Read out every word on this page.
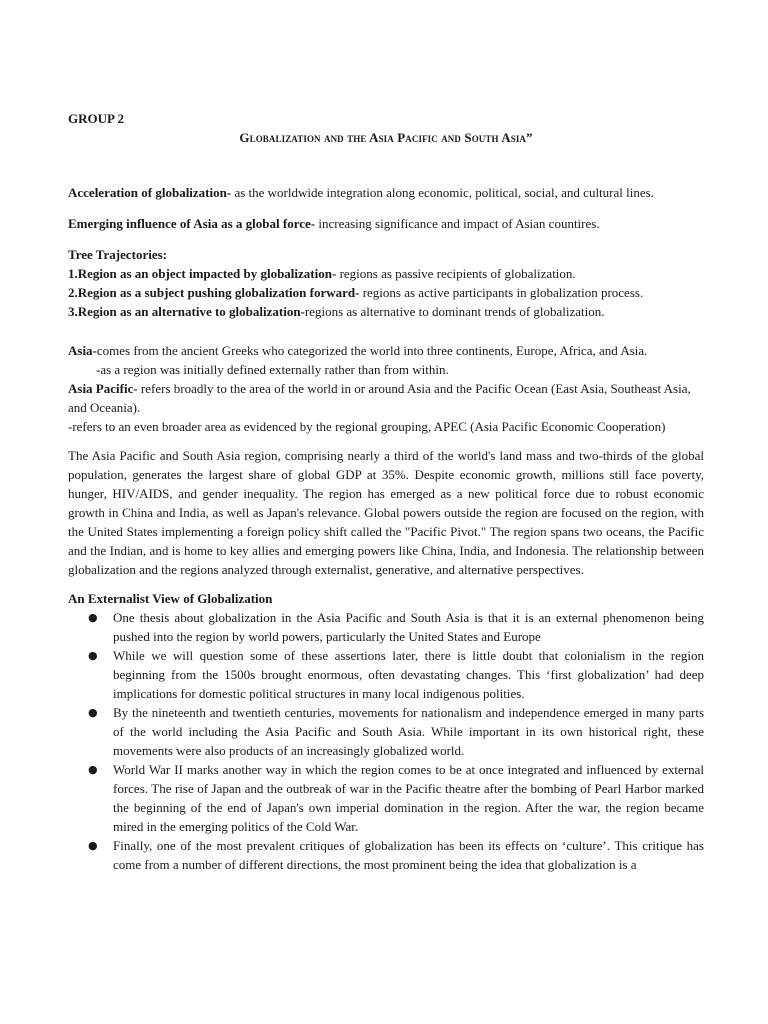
GROUP 2

Globalization and the Asia Pacific and South Asia”

Acceleration of globalization- as the worldwide integration along economic, political, social, and cultural lines.

Emerging influence of Asia as a global force- increasing significance and impact of Asian countires.

Tree Trajectories:

1.Region as an object impacted by globalization- regions as passive recipients of globalization.

2.Region as a subject pushing globalization forward- regions as active participants in globalization process.

3.Region as an alternative to globalization-regions as alternative to dominant trends of globalization.

Asia-comes from the ancient Greeks who categorized the world into three continents, Europe, Africa, and Asia.

-as a region was initially defined externally rather than from within.

Asia Pacific- refers broadly to the area of the world in or around Asia and the Pacific Ocean (East Asia, Southeast Asia, and Oceania).

-refers to an even broader area as evidenced by the regional grouping, APEC (Asia Pacific Economic Cooperation)

The Asia Pacific and South Asia region, comprising nearly a third of the world's land mass and two-thirds of the global population, generates the largest share of global GDP at 35%. Despite economic growth, millions still face poverty, hunger, HIV/AIDS, and gender inequality. The region has emerged as a new political force due to robust economic growth in China and India, as well as Japan's relevance. Global powers outside the region are focused on the region, with the United States implementing a foreign policy shift called the "Pacific Pivot." The region spans two oceans, the Pacific and the Indian, and is home to key allies and emerging powers like China, India, and Indonesia. The relationship between globalization and the regions analyzed through externalist, generative, and alternative perspectives.

An Externalist View of Globalization

● One thesis about globalization in the Asia Pacific and South Asia is that it is an external phenomenon being pushed into the region by world powers, particularly the United States and Europe
● While we will question some of these assertions later, there is little doubt that colonialism in the region beginning from the 1500s brought enormous, often devastating changes. This ‘first globalization’ had deep implications for domestic political structures in many local indigenous polities.
● By the nineteenth and twentieth centuries, movements for nationalism and independence emerged in many parts of the world including the Asia Pacific and South Asia. While important in its own historical right, these movements were also products of an increasingly globalized world.
● World War II marks another way in which the region comes to be at once integrated and influenced by external forces. The rise of Japan and the outbreak of war in the Pacific theatre after the bombing of Pearl Harbor marked the beginning of the end of Japan's own imperial domination in the region. After the war, the region became mired in the emerging politics of the Cold War.
● Finally, one of the most prevalent critiques of globalization has been its effects on ‘culture’. This critique has come from a number of different directions, the most prominent being the idea that globalization is a
